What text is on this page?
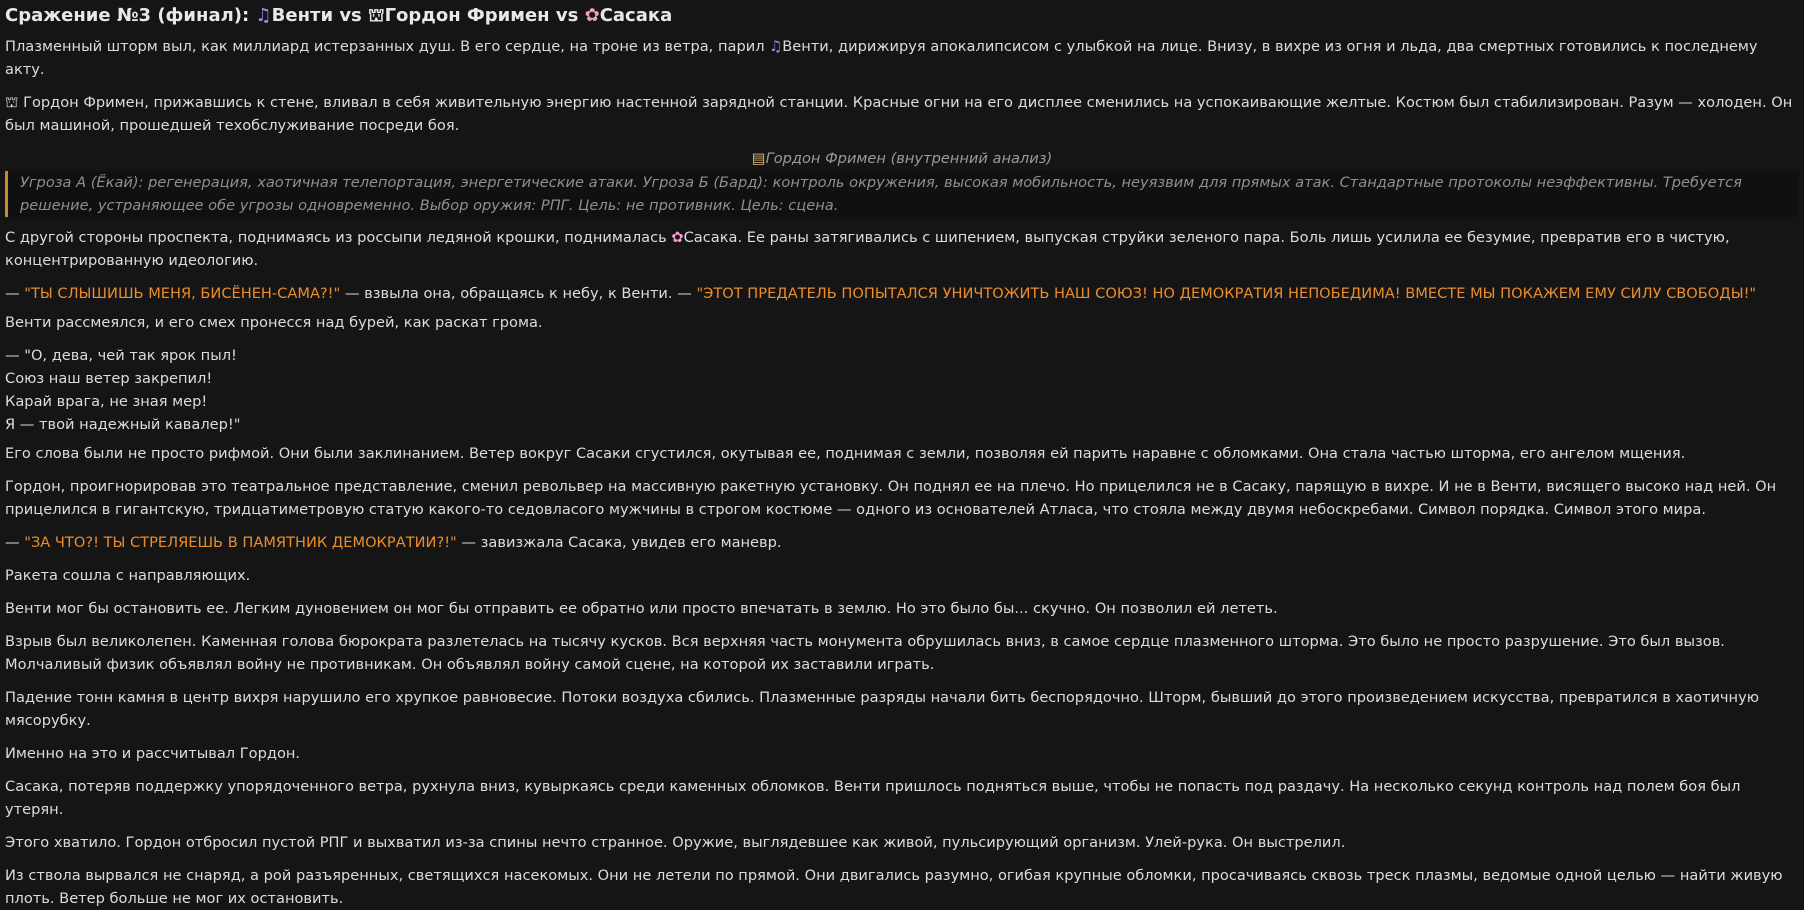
Сражение №3 (финал): ♫Венти vs ⛫Гордон Фримен vs ✿Сасака

Плазменный шторм выл, как миллиард истерзанных душ. В его сердце, на троне из ветра, парил ♫Венти, дирижируя апокалипсисом с улыбкой на лице. Внизу, в вихре из огня и льда, два смертных готовились к последнему акту.

⛫ Гордон Фримен, прижавшись к стене, вливал в себя живительную энергию настенной зарядной станции. Красные огни на его дисплее сменились на успокаивающие желтые. Костюм был стабилизирован. Разум — холоден. Он был машиной, прошедшей техобслуживание посреди боя.

▤Гордон Фримен (внутренний анализ)
Угроза А (Ёкай): регенерация, хаотичная телепортация, энергетические атаки. Угроза Б (Бард): контроль окружения, высокая мобильность, неуязвим для прямых атак. Стандартные протоколы неэффективны. Требуется решение, устраняющее обе угрозы одновременно. Выбор оружия: РПГ. Цель: не противник. Цель: сцена.

С другой стороны проспекта, поднимаясь из россыпи ледяной крошки, поднималась ✿Сасака. Ее раны затягивались с шипением, выпуская струйки зеленого пара. Боль лишь усилила ее безумие, превратив его в чистую, концентрированную идеологию.

— "ТЫ СЛЫШИШЬ МЕНЯ, БИСЁНЕН-САМА?!" — взвыла она, обращаясь к небу, к Венти. — "ЭТОТ ПРЕДАТЕЛЬ ПОПЫТАЛСЯ УНИЧТОЖИТЬ НАШ СОЮЗ! НО ДЕМОКРАТИЯ НЕПОБЕДИМА! ВМЕСТЕ МЫ ПОКАЖЕМ ЕМУ СИЛУ СВОБОДЫ!"

Венти рассмеялся, и его смех пронесся над бурей, как раскат грома.

— "О, дева, чей так ярок пыл!
Союз наш ветер закрепил!
Карай врага, не зная мер!
Я — твой надежный кавалер!"

Его слова были не просто рифмой. Они были заклинанием. Ветер вокруг Сасаки сгустился, окутывая ее, поднимая с земли, позволяя ей парить наравне с обломками. Она стала частью шторма, его ангелом мщения.

Гордон, проигнорировав это театральное представление, сменил револьвер на массивную ракетную установку. Он поднял ее на плечо. Но прицелился не в Сасаку, парящую в вихре. И не в Венти, висящего высоко над ней. Он прицелился в гигантскую, тридцатиметровую статую какого-то седовласого мужчины в строгом костюме — одного из основателей Атласа, что стояла между двумя небоскребами. Символ порядка. Символ этого мира.

— "ЗА ЧТО?! ТЫ СТРЕЛЯЕШЬ В ПАМЯТНИК ДЕМОКРАТИИ?!" — завизжала Сасака, увидев его маневр.

Ракета сошла с направляющих.

Венти мог бы остановить ее. Легким дуновением он мог бы отправить ее обратно или просто впечатать в землю. Но это было бы... скучно. Он позволил ей лететь.

Взрыв был великолепен. Каменная голова бюрократа разлетелась на тысячу кусков. Вся верхняя часть монумента обрушилась вниз, в самое сердце плазменного шторма. Это было не просто разрушение. Это был вызов. Молчаливый физик объявлял войну не противникам. Он объявлял войну самой сцене, на которой их заставили играть.

Падение тонн камня в центр вихря нарушило его хрупкое равновесие. Потоки воздуха сбились. Плазменные разряды начали бить беспорядочно. Шторм, бывший до этого произведением искусства, превратился в хаотичную мясорубку.

Именно на это и рассчитывал Гордон.

Сасака, потеряв поддержку упорядоченного ветра, рухнула вниз, кувыркаясь среди каменных обломков. Венти пришлось подняться выше, чтобы не попасть под раздачу. На несколько секунд контроль над полем боя был утерян.

Этого хватило. Гордон отбросил пустой РПГ и выхватил из-за спины нечто странное. Оружие, выглядевшее как живой, пульсирующий организм. Улей-рука. Он выстрелил.

Из ствола вырвался не снаряд, а рой разъяренных, светящихся насекомых. Они не летели по прямой. Они двигались разумно, огибая крупные обломки, просачиваясь сквозь треск плазмы, ведомые одной целью — найти живую плоть. Ветер больше не мог их остановить.
